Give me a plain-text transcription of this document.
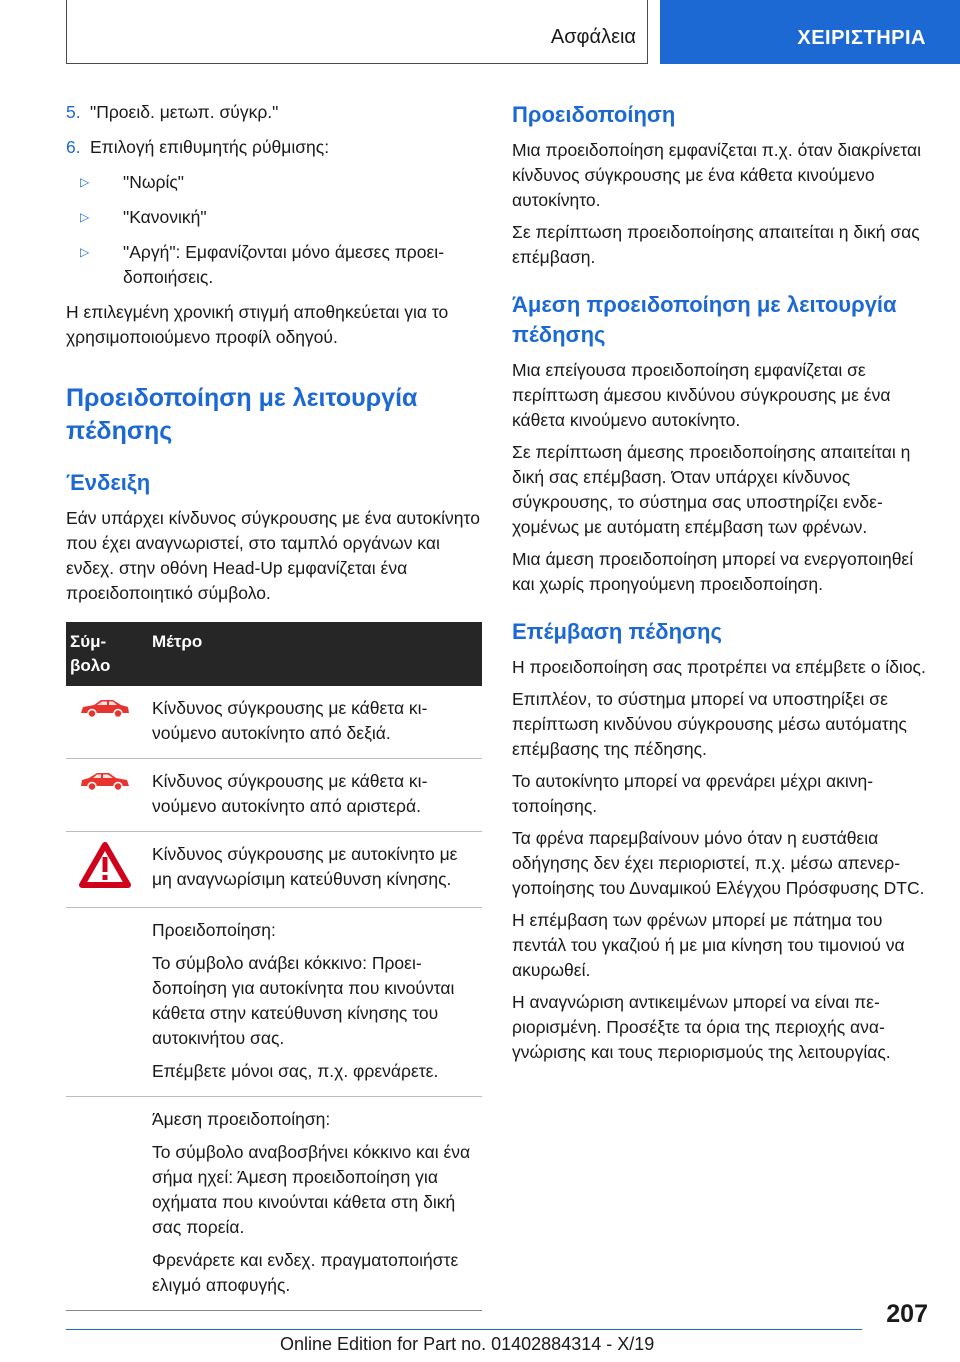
Ασφάλεια	ΧΕΙΡΙΣΤΗΡΙΑ
5. "Προειδ. μετωπ. σύγκρ."
6. Επιλογή επιθυμητής ρύθμισης:
▷ "Νωρίς"
▷ "Κανονική"
▷ "Αργή": Εμφανίζονται μόνο άμεσες προειδοποιήσεις.

Η επιλεγμένη χρονική στιγμή αποθηκεύεται για το χρησιμοποιούμενο προφίλ οδηγού.

Προειδοποίηση με λειτουργία πέδησης
Ένδειξη

Εάν υπάρχει κίνδυνος σύγκρουσης με ένα αυτοκίνητο που έχει αναγνωριστεί, στο ταμπλό οργάνων και ενδεχ. στην οθόνη Head-Up εμφανίζεται ένα προειδοποιητικό σύμβολο.

Σύμβολο	Μέτρο

Κίνδυνος σύγκρουσης με κάθετα κινούμενο αυτοκίνητο από δεξιά.

Κίνδυνος σύγκρουσης με κάθετα κινούμενο αυτοκίνητο από αριστερά.

Κίνδυνος σύγκρουσης με αυτοκίνητο με μη αναγνωρίσιμη κατεύθυνση κίνησης.

	Προειδοποίηση:

Το σύμβολο ανάβει κόκκινο: Προειδοποίηση για αυτοκίνητα που κινούνται κάθετα στην κατεύθυνση κίνησης του αυτοκινήτου σας.

Επέμβετε μόνοι σας, π.χ. φρενάρετε.

	Άμεση προειδοποίηση:

Το σύμβολο αναβοσβήνει κόκκινο και ένα σήμα ηχεί: Άμεση προειδοποίηση για οχήματα που κινούνται κάθετα στη δική σας πορεία.

Φρενάρετε και ενδεχ. πραγματοποιήστε ελιγμό αποφυγής.

Προειδοποίηση

Μια προειδοποίηση εμφανίζεται π.χ. όταν διακρίνεται κίνδυνος σύγκρουσης με ένα κάθετα κινούμενο αυτοκίνητο.

Σε περίπτωση προειδοποίησης απαιτείται η δική σας επέμβαση.

Άμεση προειδοποίηση με λειτουργία πέδησης

Μια επείγουσα προειδοποίηση εμφανίζεται σε περίπτωση άμεσου κινδύνου σύγκρουσης με ένα κάθετα κινούμενο αυτοκίνητο.

Σε περίπτωση άμεσης προειδοποίησης απαιτείται η δική σας επέμβαση. Όταν υπάρχει κίνδυνος σύγκρουσης, το σύστημα σας υποστηρίζει ενδεχομένως με αυτόματη επέμβαση των φρένων.

Μια άμεση προειδοποίηση μπορεί να ενεργοποιηθεί και χωρίς προηγούμενη προειδοποίηση.

Επέμβαση πέδησης

Η προειδοποίηση σας προτρέπει να επέμβετε ο ίδιος.

Επιπλέον, το σύστημα μπορεί να υποστηρίξει σε περίπτωση κινδύνου σύγκρουσης μέσω αυτόματης επέμβασης της πέδησης.

Το αυτοκίνητο μπορεί να φρενάρει μέχρι ακινητοποίησης.

Τα φρένα παρεμβαίνουν μόνο όταν η ευστάθεια οδήγησης δεν έχει περιοριστεί, π.χ. μέσω απενεργοποίησης του Δυναμικού Ελέγχου Πρόσφυσης DTC.

Η επέμβαση των φρένων μπορεί με πάτημα του πεντάλ του γκαζιού ή με μια κίνηση του τιμονιού να ακυρωθεί.

Η αναγνώριση αντικειμένων μπορεί να είναι περιορισμένη. Προσέξτε τα όρια της περιοχής αναγνώρισης και τους περιορισμούς της λειτουργίας.

207
Online Edition for Part no. 01402884314 - X/19
